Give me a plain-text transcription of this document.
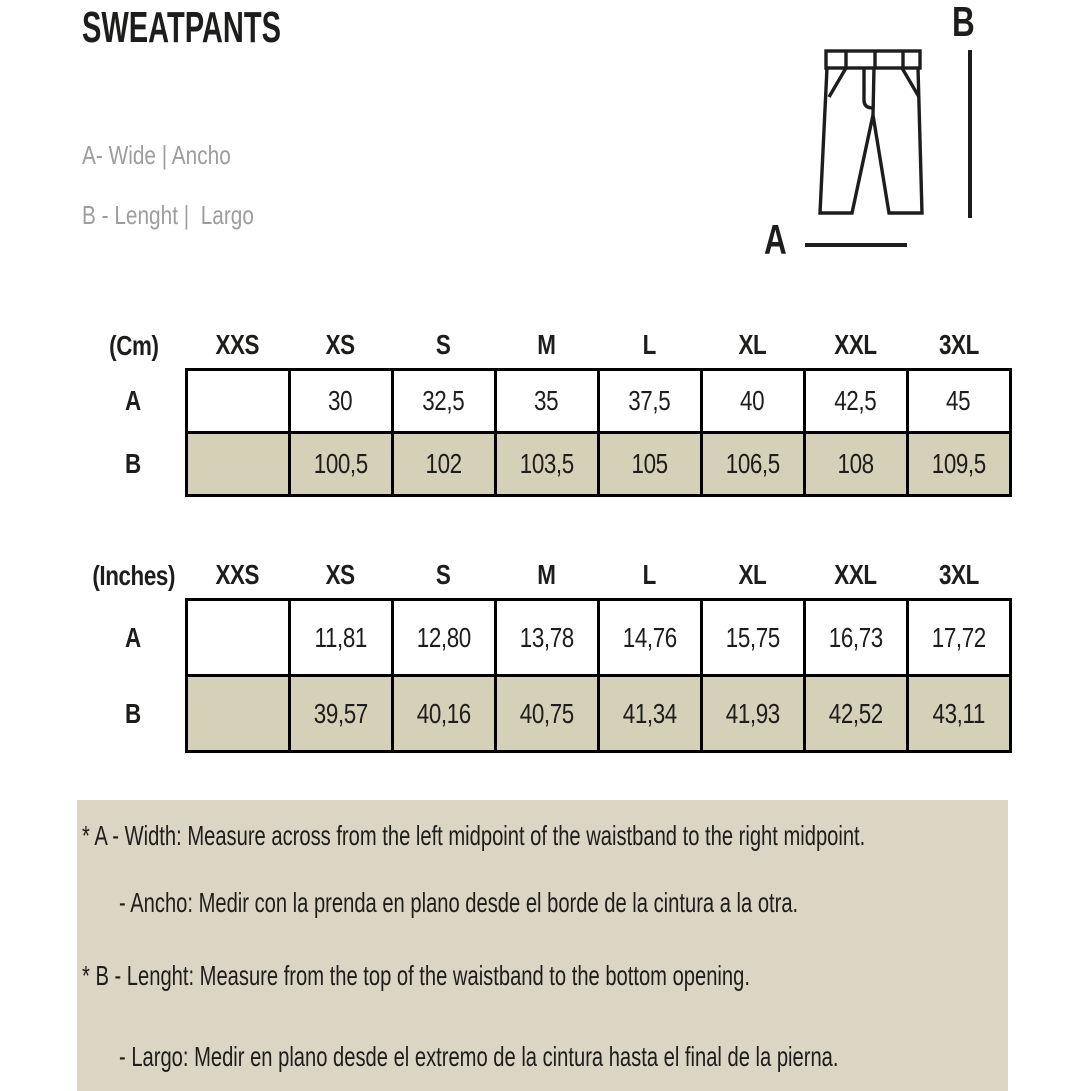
SWEATPANTS
A- Wide | Ancho
B - Lenght |  Largo
B
A
(Cm)	XXS	XS	S	M	L	XL	XXL	3XL
A		30	32,5	35	37,5	40	42,5	45
B		100,5	102	103,5	105	106,5	108	109,5
(Inches)	XXS	XS	S	M	L	XL	XXL	3XL
A		11,81	12,80	13,78	14,76	15,75	16,73	17,72
B		39,57	40,16	40,75	41,34	41,93	42,52	43,11

* A - Width: Measure across from the left midpoint of the waistband to the right midpoint.

- Ancho: Medir con la prenda en plano desde el borde de la cintura a la otra.

* B - Lenght: Measure from the top of the waistband to the bottom opening.

- Largo: Medir en plano desde el extremo de la cintura hasta el final de la pierna.
